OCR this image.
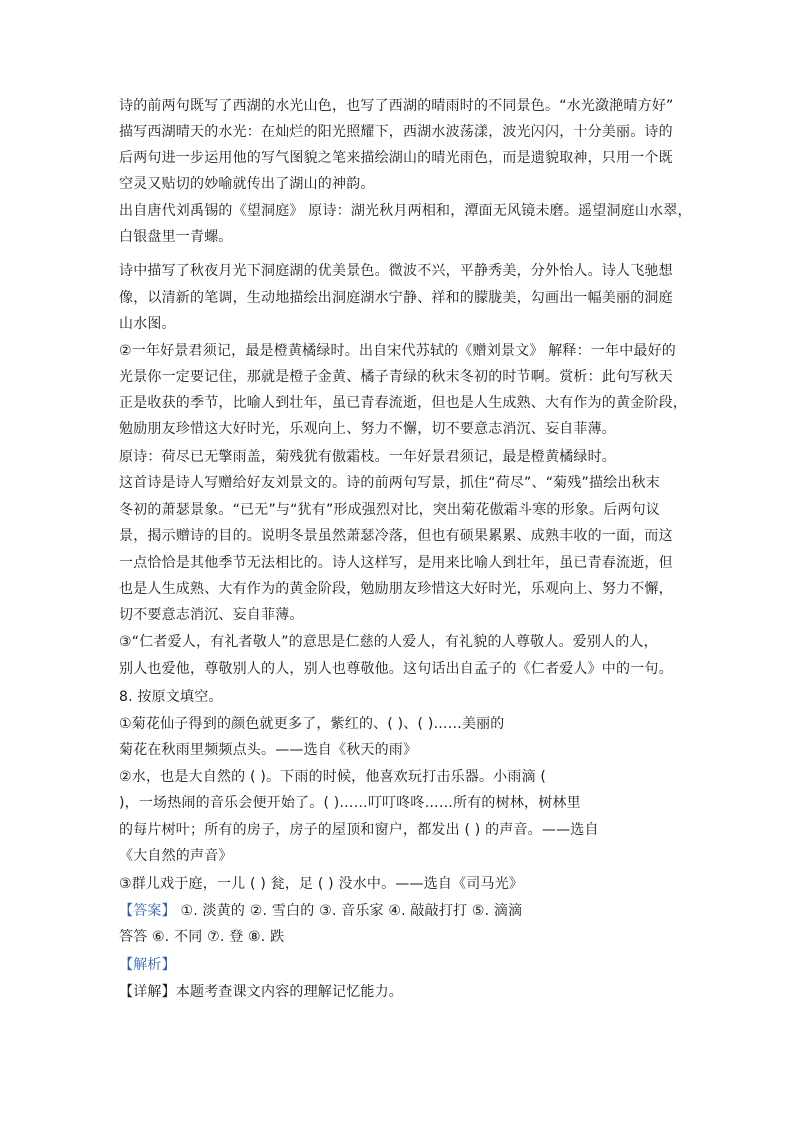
诗的前两句既写了西湖的水光山色，也写了西湖的晴雨时的不同景色。“水光潋滟晴方好”
描写西湖晴天的水光：在灿烂的阳光照耀下，西湖水波荡漾，波光闪闪，十分美丽。诗的
后两句进一步运用他的写气图貌之笔来描绘湖山的晴光雨色，而是遗貌取神，只用一个既
空灵又贴切的妙喻就传出了湖山的神韵。
出自唐代刘禹锡的《望洞庭》 原诗：湖光秋月两相和，潭面无风镜未磨。遥望洞庭山水翠，
白银盘里一青螺。
诗中描写了秋夜月光下洞庭湖的优美景色。微波不兴，平静秀美，分外怡人。诗人飞驰想
像，以清新的笔调，生动地描绘出洞庭湖水宁静、祥和的朦胧美，勾画出一幅美丽的洞庭
山水图。
②一年好景君须记，最是橙黄橘绿时。出自宋代苏轼的《赠刘景文》 解释：一年中最好的
光景你一定要记住，那就是橙子金黄、橘子青绿的秋末冬初的时节啊。赏析：此句写秋天
正是收获的季节，比喻人到壮年，虽已青春流逝，但也是人生成熟、大有作为的黄金阶段，
勉励朋友珍惜这大好时光，乐观向上、努力不懈，切不要意志消沉、妄自菲薄。
原诗：荷尽已无擎雨盖，菊残犹有傲霜枝。一年好景君须记，最是橙黄橘绿时。
这首诗是诗人写赠给好友刘景文的。诗的前两句写景，抓住“荷尽”、“菊残”描绘出秋末
冬初的萧瑟景象。“已无”与“犹有”形成强烈对比，突出菊花傲霜斗寒的形象。后两句议
景，揭示赠诗的目的。说明冬景虽然萧瑟冷落，但也有硕果累累、成熟丰收的一面，而这
一点恰恰是其他季节无法相比的。诗人这样写，是用来比喻人到壮年，虽已青春流逝，但
也是人生成熟、大有作为的黄金阶段，勉励朋友珍惜这大好时光，乐观向上、努力不懈，
切不要意志消沉、妄自菲薄。
③“仁者爱人，有礼者敬人”的意思是仁慈的人爱人，有礼貌的人尊敬人。爱别人的人，
别人也爱他，尊敬别人的人，别人也尊敬他。这句话出自孟子的《仁者爱人》中的一句。
8. 按原文填空。
①菊花仙子得到的颜色就更多了，紫红的、( )、( )……美丽的
菊花在秋雨里频频点头。——选自《秋天的雨》
②水，也是大自然的 ( )。下雨的时候，他喜欢玩打击乐器。小雨滴 (
)，一场热闹的音乐会便开始了。( )……叮叮咚咚……所有的树林，树林里
的每片树叶；所有的房子，房子的屋顶和窗户，都发出 ( ) 的声音。——选自
《大自然的声音》
③群儿戏于庭，一儿 ( ) 瓮，足 ( ) 没水中。——选自《司马光》
【答案】 ①. 淡黄的 ②. 雪白的 ③. 音乐家 ④. 敲敲打打 ⑤. 滴滴
答答 ⑥. 不同 ⑦. 登 ⑧. 跌
【解析】
【详解】本题考查课文内容的理解记忆能力。
